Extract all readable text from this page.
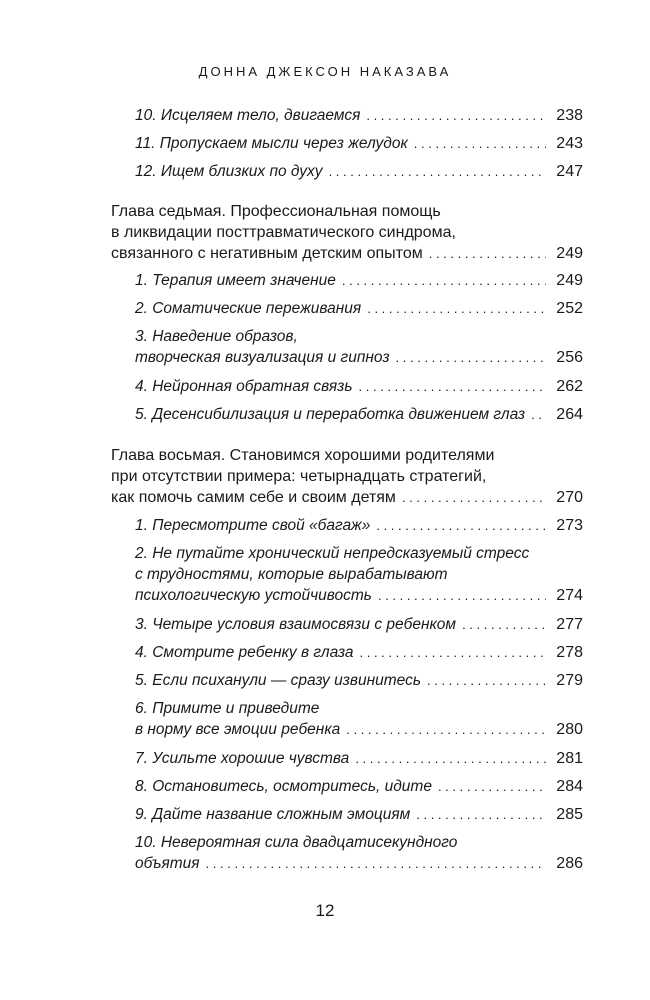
ДОННА ДЖЕКСОН НАКАЗАВА
10. Исцеляем тело, двигаемся . . .	238
11. Пропускаем мысли через желудок . . .	243
12. Ищем близких по духу . . .	247
Глава седьмая. Профессиональная помощь
в ликвидации посттравматического синдрома,
связанного с негативным детским опытом . . .	249
1. Терапия имеет значение . . .	249
2. Соматические переживания . . .	252
3. Наведение образов,
творческая визуализация и гипноз . . .	256
4. Нейронная обратная связь . . .	262
5. Десенсибилизация и переработка движением глаз . . . 264
Глава восьмая. Становимся хорошими родителями
при отсутствии примера: четырнадцать стратегий,
как помочь самим себе и своим детям . . .	270
1. Пересмотрите свой «багаж» . . .	273
2. Не путайте хронический непредсказуемый стресс
с трудностями, которые вырабатывают
психологическую устойчивость . . .	274
3. Четыре условия взаимосвязи с ребенком . . .	277
4. Смотрите ребенку в глаза . . .	278
5. Если психанули — сразу извинитесь . . .	279
6. Примите и приведите
в норму все эмоции ребенка . . .	280
7. Усильте хорошие чувства . . .	281
8. Остановитесь, осмотритесь, идите . . .	284
9. Дайте название сложным эмоциям . . .	285
10. Невероятная сила двадцатисекундного
объятия . . .	286
12
